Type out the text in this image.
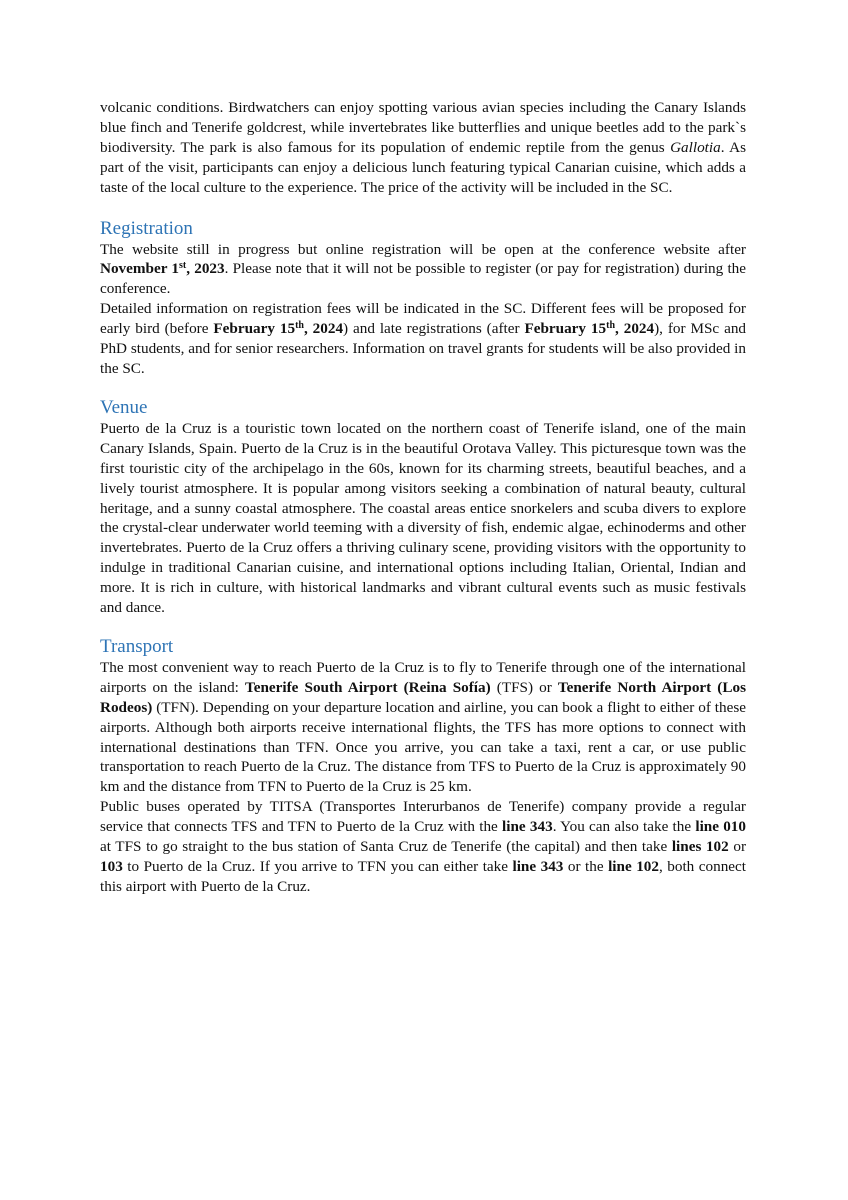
volcanic conditions. Birdwatchers can enjoy spotting various avian species including the Canary Islands blue finch and Tenerife goldcrest, while invertebrates like butterflies and unique beetles add to the park`s biodiversity. The park is also famous for its population of endemic reptile from the genus Gallotia. As part of the visit, participants can enjoy a delicious lunch featuring typical Canarian cuisine, which adds a taste of the local culture to the experience. The price of the activity will be included in the SC.

Registration

The website still in progress but online registration will be open at the conference website after November 1st, 2023. Please note that it will not be possible to register (or pay for registration) during the conference.

Detailed information on registration fees will be indicated in the SC. Different fees will be proposed for early bird (before February 15th, 2024) and late registrations (after February 15th, 2024), for MSc and PhD students, and for senior researchers. Information on travel grants for students will be also provided in the SC.

Venue

Puerto de la Cruz is a touristic town located on the northern coast of Tenerife island, one of the main Canary Islands, Spain. Puerto de la Cruz is in the beautiful Orotava Valley. This picturesque town was the first touristic city of the archipelago in the 60s, known for its charming streets, beautiful beaches, and a lively tourist atmosphere. It is popular among visitors seeking a combination of natural beauty, cultural heritage, and a sunny coastal atmosphere. The coastal areas entice snorkelers and scuba divers to explore the crystal-clear underwater world teeming with a diversity of fish, endemic algae, echinoderms and other invertebrates. Puerto de la Cruz offers a thriving culinary scene, providing visitors with the opportunity to indulge in traditional Canarian cuisine, and international options including Italian, Oriental, Indian and more. It is rich in culture, with historical landmarks and vibrant cultural events such as music festivals and dance.

Transport

The most convenient way to reach Puerto de la Cruz is to fly to Tenerife through one of the international airports on the island: Tenerife South Airport (Reina Sofía) (TFS) or Tenerife North Airport (Los Rodeos) (TFN). Depending on your departure location and airline, you can book a flight to either of these airports. Although both airports receive international flights, the TFS has more options to connect with international destinations than TFN. Once you arrive, you can take a taxi, rent a car, or use public transportation to reach Puerto de la Cruz. The distance from TFS to Puerto de la Cruz is approximately 90 km and the distance from TFN to Puerto de la Cruz is 25 km.

Public buses operated by TITSA (Transportes Interurbanos de Tenerife) company provide a regular service that connects TFS and TFN to Puerto de la Cruz with the line 343. You can also take the line 010 at TFS to go straight to the bus station of Santa Cruz de Tenerife (the capital) and then take lines 102 or 103 to Puerto de la Cruz. If you arrive to TFN you can either take line 343 or the line 102, both connect this airport with Puerto de la Cruz.
